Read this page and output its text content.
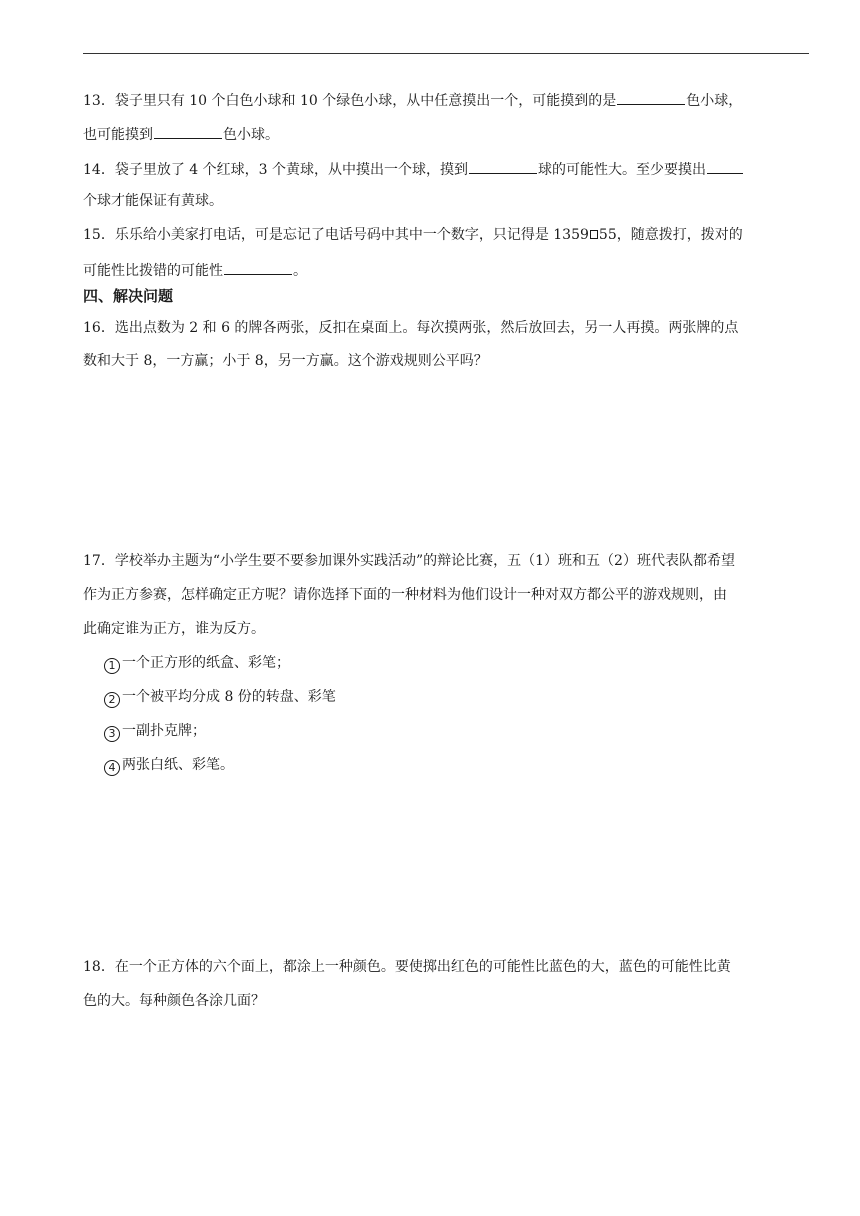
13．袋子里只有 10 个白色小球和 10 个绿色小球，从中任意摸出一个，可能摸到的是	色小球，
也可能摸到	色小球。
14．袋子里放了 4 个红球，3 个黄球，从中摸出一个球，摸到	球的可能性大。至少要摸出
个球才能保证有黄球。
15．乐乐给小美家打电话，可是忘记了电话号码中其中一个数字，只记得是 1359 55，随意拨打，拨对的
可能性比拨错的可能性	。
四、解决问题
16．选出点数为 2 和 6 的牌各两张，反扣在桌面上。每次摸两张，然后放回去，另一人再摸。两张牌的点
数和大于 8，一方赢；小于 8，另一方赢。这个游戏规则公平吗？
17．学校举办主题为“小学生要不要参加课外实践活动”的辩论比赛，五（1）班和五（2）班代表队都希望
作为正方参赛，怎样确定正方呢？请你选择下面的一种材料为他们设计一种对双方都公平的游戏规则，由
此确定谁为正方，谁为反方。
1 一个正方形的纸盒、彩笔；
2 一个被平均分成 8 份的转盘、彩笔
3 一副扑克牌；
4 两张白纸、彩笔。
18．在一个正方体的六个面上，都涂上一种颜色。要使掷出红色的可能性比蓝色的大，蓝色的可能性比黄
色的大。每种颜色各涂几面？
